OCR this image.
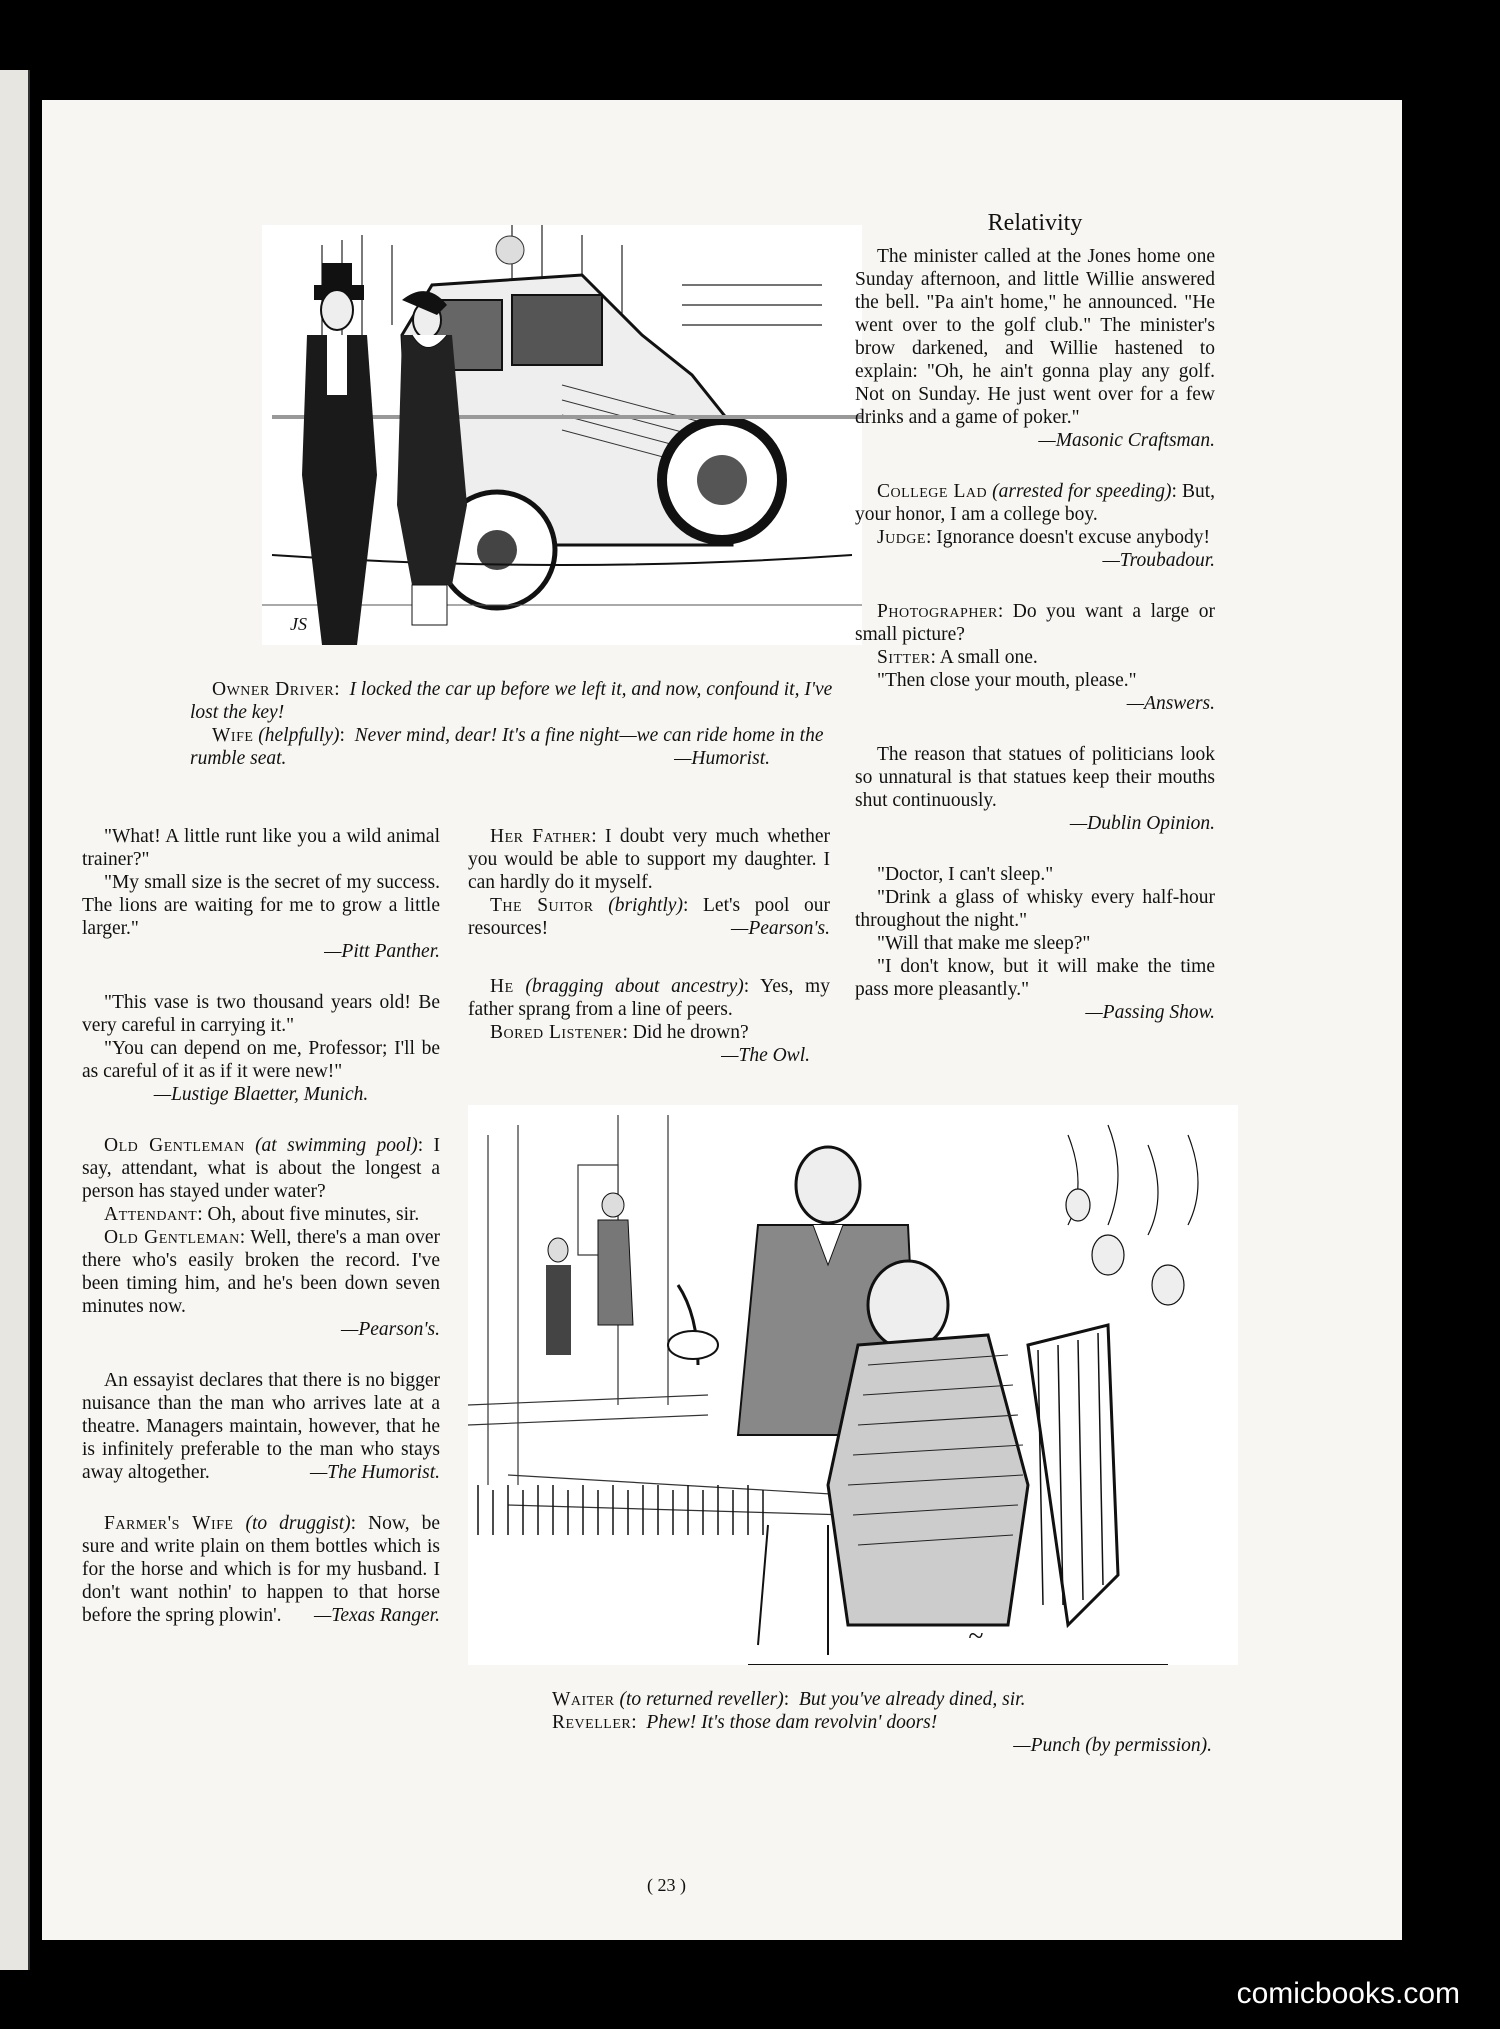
JS

Owner Driver:  I locked the car up before we left it, and now, confound it, I've lost the key!

Wife (helpfully):  Never mind, dear! It's a fine night—we can ride home in the rumble seat.	—Humorist.

Relativity

The minister called at the Jones home one Sunday afternoon, and little Willie answered the bell. "Pa ain't home," he announced. "He went over to the golf club." The minister's brow darkened, and Willie hastened to explain: "Oh, he ain't gonna play any golf. Not on Sunday. He just went over for a few drinks and a game of poker."

—Masonic Craftsman.

College Lad (arrested for speeding): But, your honor, I am a college boy.

Judge: Ignorance doesn't excuse anybody!

—Troubadour.

Photographer: Do you want a large or small picture?

Sitter: A small one.

"Then close your mouth, please."

—Answers.

The reason that statues of politicians look so unnatural is that statues keep their mouths shut continuously.

—Dublin Opinion.

"Doctor, I can't sleep."

"Drink a glass of whisky every half-hour throughout the night."

"Will that make me sleep?"

"I don't know, but it will make the time pass more pleasantly."

—Passing Show.

"What! A little runt like you a wild animal trainer?"

"My small size is the secret of my success. The lions are waiting for me to grow a little larger."

—Pitt Panther.

"This vase is two thousand years old! Be very careful in carrying it."

"You can depend on me, Professor; I'll be as careful of it as if it were new!"

—Lustige Blaetter, Munich.

Old Gentleman (at swimming pool): I say, attendant, what is about the longest a person has stayed under water?

Attendant: Oh, about five minutes, sir.

Old Gentleman: Well, there's a man over there who's easily broken the record. I've been timing him, and he's been down seven minutes now.

—Pearson's.

An essayist declares that there is no bigger nuisance than the man who arrives late at a theatre. Managers maintain, however, that he is infinitely preferable to the man who stays away altogether.	—The Humorist.

Farmer's Wife (to druggist): Now, be sure and write plain on them bottles which is for the horse and which is for my husband. I don't want nothin' to happen to that horse before the spring plowin'.	—Texas Ranger.

Her Father: I doubt very much whether you would be able to support my daughter. I can hardly do it myself.

The Suitor (brightly): Let's pool our resources!	—Pearson's.

He (bragging about ancestry): Yes, my father sprang from a line of peers.

Bored Listener: Did he drown?

—The Owl.

~

Waiter (to returned reveller):  But you've already dined, sir.

Reveller:  Phew! It's those dam revolvin' doors!

—Punch (by permission).

( 23 )
comicbooks.com
